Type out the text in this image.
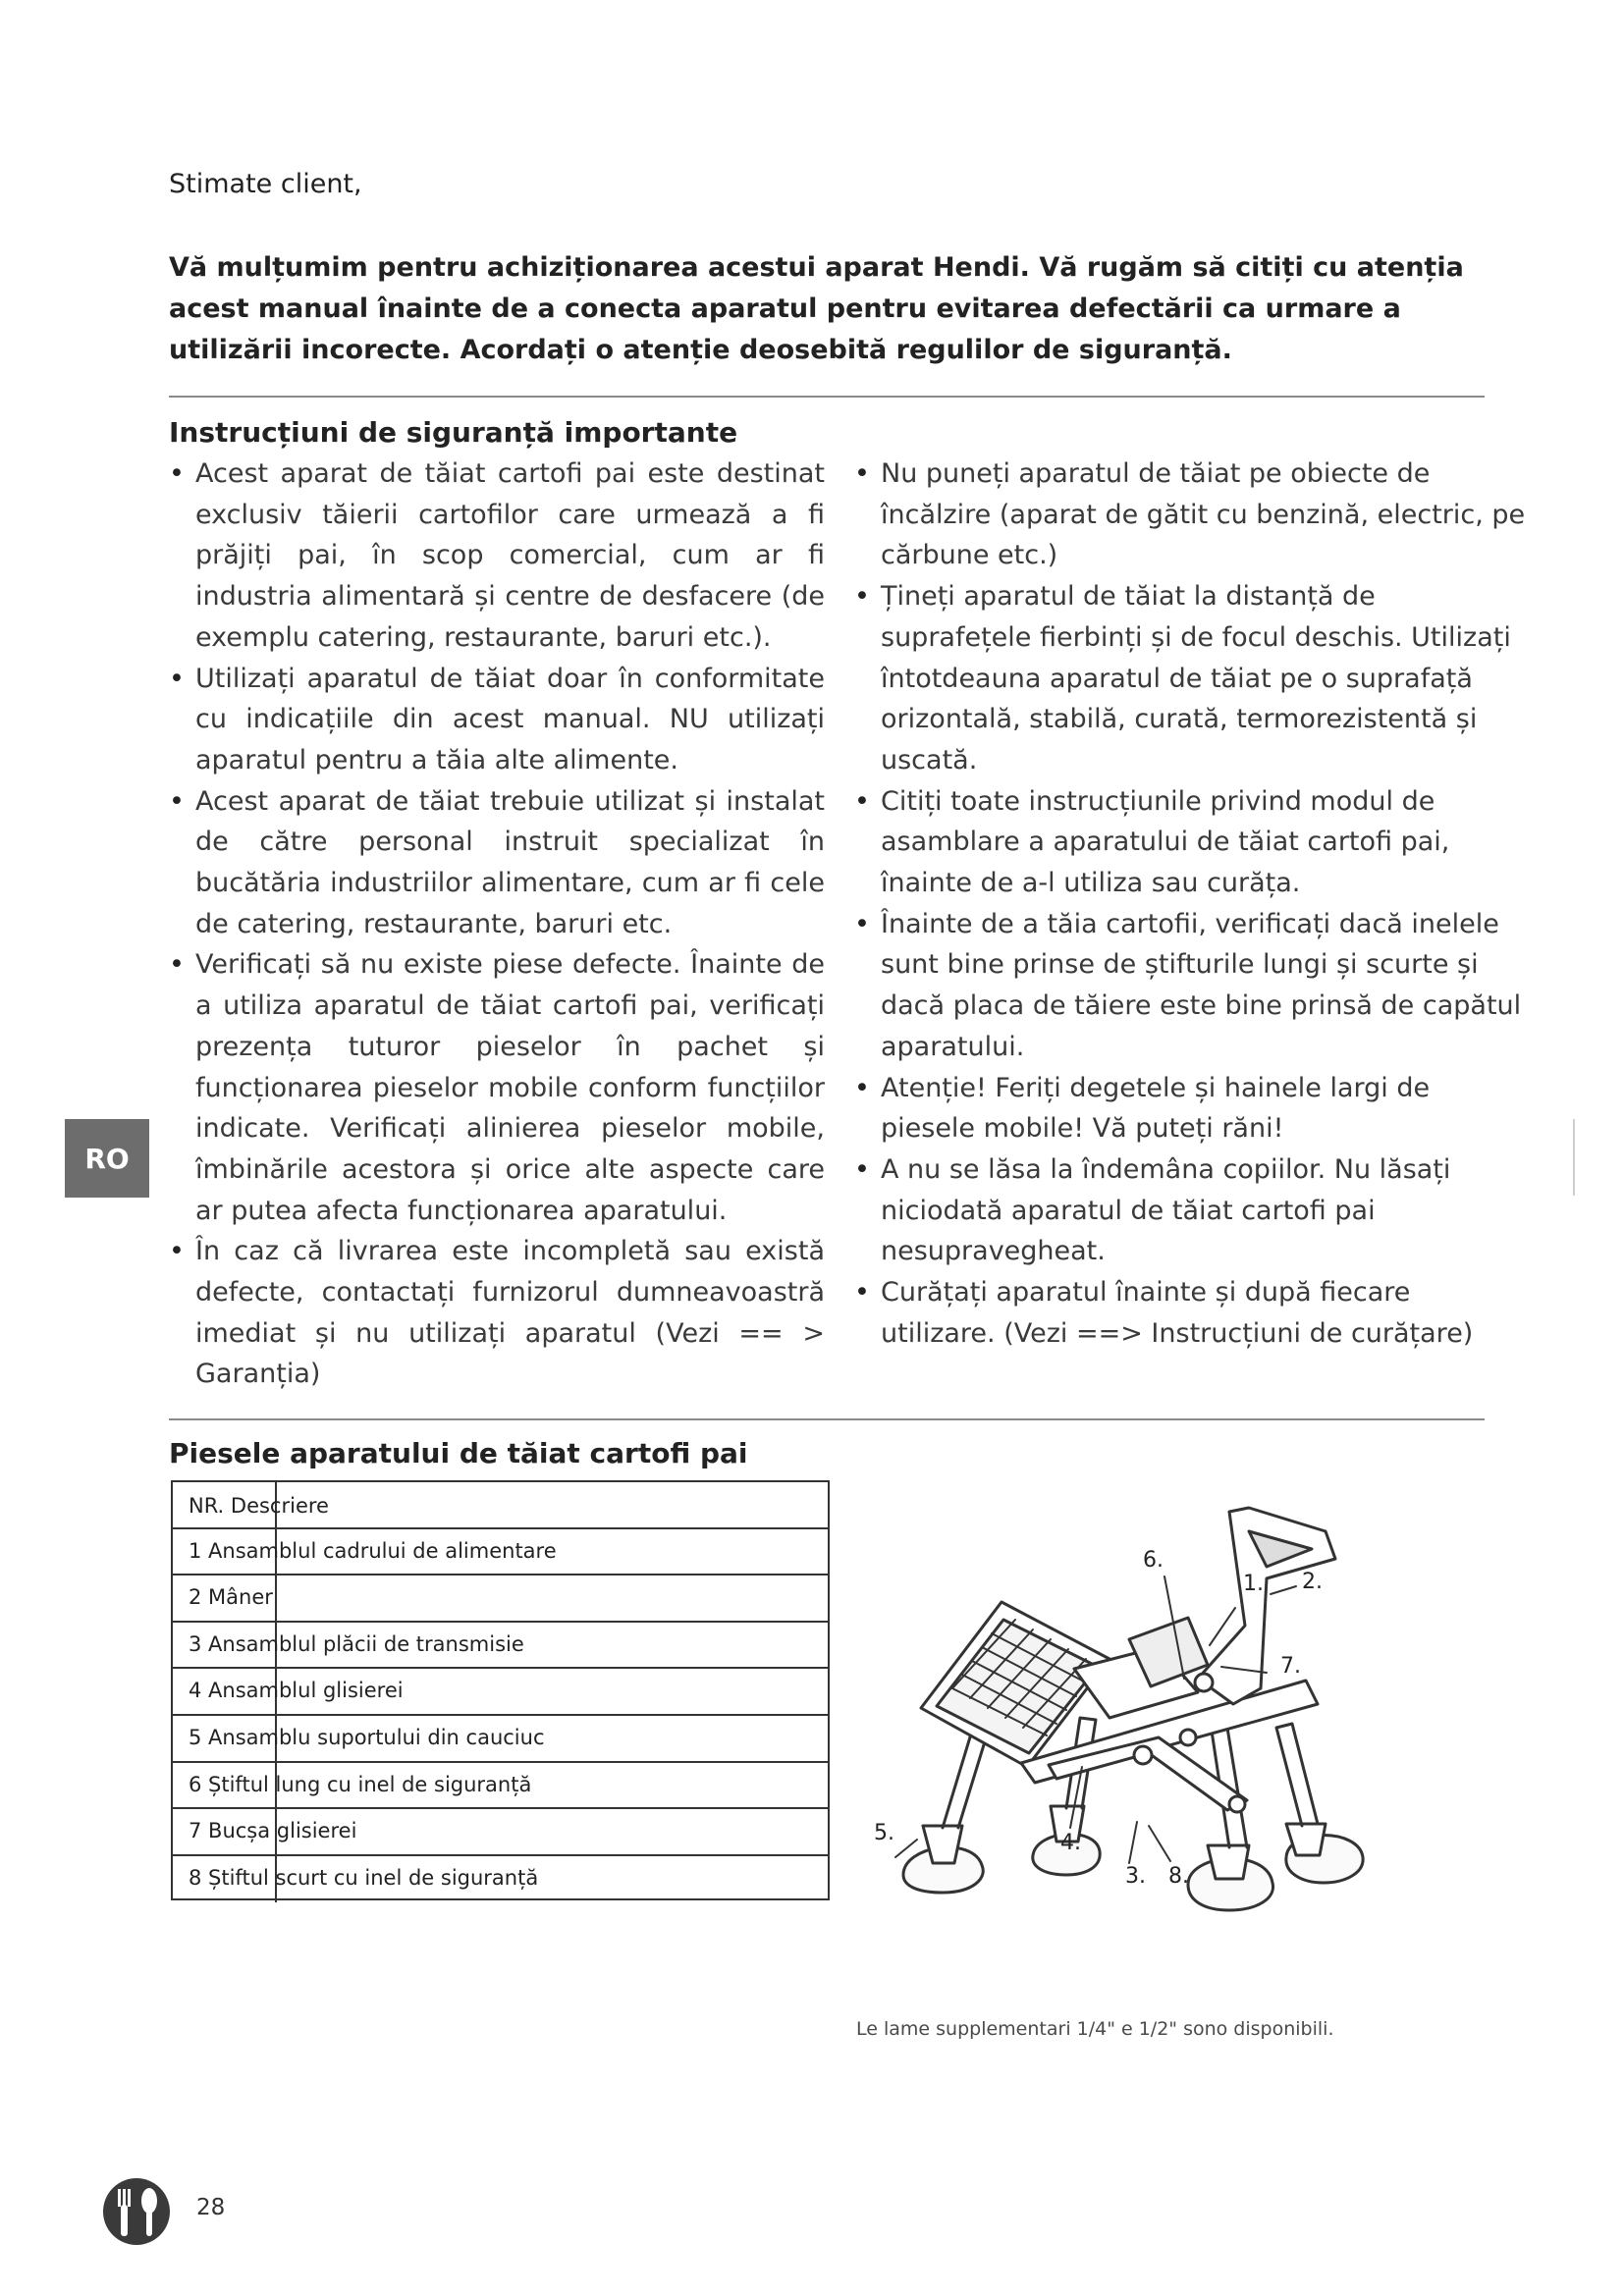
Stimate client,
Vă mulțumim pentru achiziționarea acestui aparat Hendi. Vă rugăm să citiți cu atenția acest manual înainte de a conecta aparatul pentru evitarea defectării ca urmare a utilizării incorecte. Acordați o atenție deosebită regulilor de siguranță.
Instrucțiuni de siguranță importante
• Acest aparat de tăiat cartofi pai este destinat exclusiv tăierii cartofilor care urmează a fi prăjiți pai, în scop comercial, cum ar fi industria alimentară și centre de desfacere (de exemplu catering, restaurante, baruri etc.).
• Utilizați aparatul de tăiat doar în conformitate cu indicațiile din acest manual. NU utilizați aparatul pentru a tăia alte alimente.
• Acest aparat de tăiat trebuie utilizat și instalat de către personal instruit specializat în bucătăria industriilor alimentare, cum ar fi cele de catering, restaurante, baruri etc.
• Verificați să nu existe piese defecte. Înainte de a utiliza aparatul de tăiat cartofi pai, verificați prezența tuturor pieselor în pachet și funcționarea pieselor mobile conform funcțiilor indicate. Verificați alinierea pieselor mobile, îmbinările acestora și orice alte aspecte care ar putea afecta funcționarea aparatului.
• În caz că livrarea este incompletă sau există defecte, contactați furnizorul dumneavoastră imediat și nu utilizați aparatul (Vezi == > Garanția)
• Nu puneți aparatul de tăiat pe obiecte de încălzire (aparat de gătit cu benzină, electric, pe cărbune etc.)
• Țineți aparatul de tăiat la distanță de suprafețele fierbinți și de focul deschis. Utilizați întotdeauna aparatul de tăiat pe o suprafață orizontală, stabilă, curată, termorezistentă și uscată.
• Citiți toate instrucțiunile privind modul de asamblare a aparatului de tăiat cartofi pai, înainte de a-l utiliza sau curăța.
• Înainte de a tăia cartofii, verificați dacă inelele sunt bine prinse de știfturile lungi și scurte și dacă placa de tăiere este bine prinsă de capătul aparatului.
• Atenție! Feriți degetele și hainele largi de piesele mobile! Vă puteți răni!
• A nu se lăsa la îndemâna copiilor. Nu lăsați niciodată aparatul de tăiat cartofi pai nesupravegheat.
• Curățați aparatul înainte și după fiecare utilizare. (Vezi ==> Instrucțiuni de curățare)
RO
Piesele aparatului de tăiat cartofi pai
NR. Descriere
1 Ansamblul cadrului de alimentare
2 Mâner
3 Ansamblul plăcii de transmisie
4 Ansamblul glisierei
5 Ansamblu suportului din cauciuc
6 Știftul lung cu inel de siguranță
7 Bucșa glisierei
8 Știftul scurt cu inel de siguranță
1. 2.
3.
4.
5.
6.
7.
8.
Le lame supplementari 1/4" e 1/2" sono disponibili.
28
